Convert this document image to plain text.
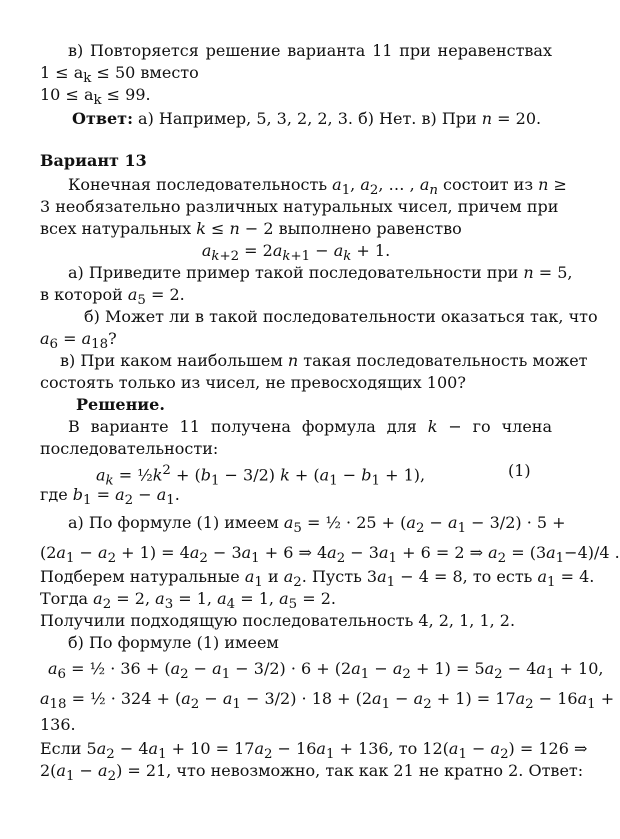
в) Повторяется решение варианта 11 при неравенствах
$1 \le a_k \le 50$ вместо
$10 \le a_k \le 99$.
Ответ: а) Например, 5, 3, 2, 2, 3. б) Нет. в) При n = 20.
Вариант 13
Конечная последовательность $a_1$, $a_2$, … , $a_n$ состоит из n ≥
3 необязательно различных натуральных чисел, причем при
всех натуральных k ≤ n − 2 выполнено равенство
$a_{k+2} = 2a_{k+1} - a_k + 1$.
а) Приведите пример такой последовательности при n = 5,
в которой $a_5 = 2$.
б) Может ли в такой последовательности оказаться так, что
$a_6 = a_{18}$?
в) При каком наибольшем n такая последовательность может
состоять только из чисел, не превосходящих 100?
Решение.
В варианте 11 получена формула для k − го члена
последовательности:
$a_k$ = $\frac{1}{2}k^2 + (b_1 - 3/2) k + (a_1 - b_1 + 1)$,	(1)
где $b_1 = a_2 - a_1$.
а) По формуле (1) имеем $a_5$ = ½ · $25 + (a_2 - a_1 - 3/2) \cdot 5$ +
$(2a_1 - a_2 + 1) = 4a_2 - 3a_1 + 6$ ⇒ $4a_2 - 3a_1 + 6 = 2$ ⇒ $a_2 = (3a_1-4)/4$ .
Подберем натуральные $a_1$ и $a_2$. Пусть $3a_1 - 4 = 8$, то есть $a_1 = 4$.
Тогда $a_2 = 2$, $a_3 = 1$, $a_4 = 1$, $a_5 = 2$.
Получили подходящую последовательность 4, 2, 1, 1, 2.
б) По формуле (1) имеем
$a_6$ = ½ · $36 + (a_2 - a_1 - 3/2) \cdot 6 + (2a_1 - a_2 + 1) = 5a_2 - 4a_1 + 10$,
$a_{18}$ = ½ · $324 + (a_2 - a_1 - 3/2) \cdot 18 + (2a_1 - a_2 + 1) = 17a_2 - 16a_1$ +
136.
Если $5a_2 - 4a_1 + 10 = 17a_2 - 16a_1 + 136$, то $12(a_1 - a_2) = 126$ ⇒
$2(a_1 - a_2) = 21$, что невозможно, так как 21 не кратно 2. Ответ:
